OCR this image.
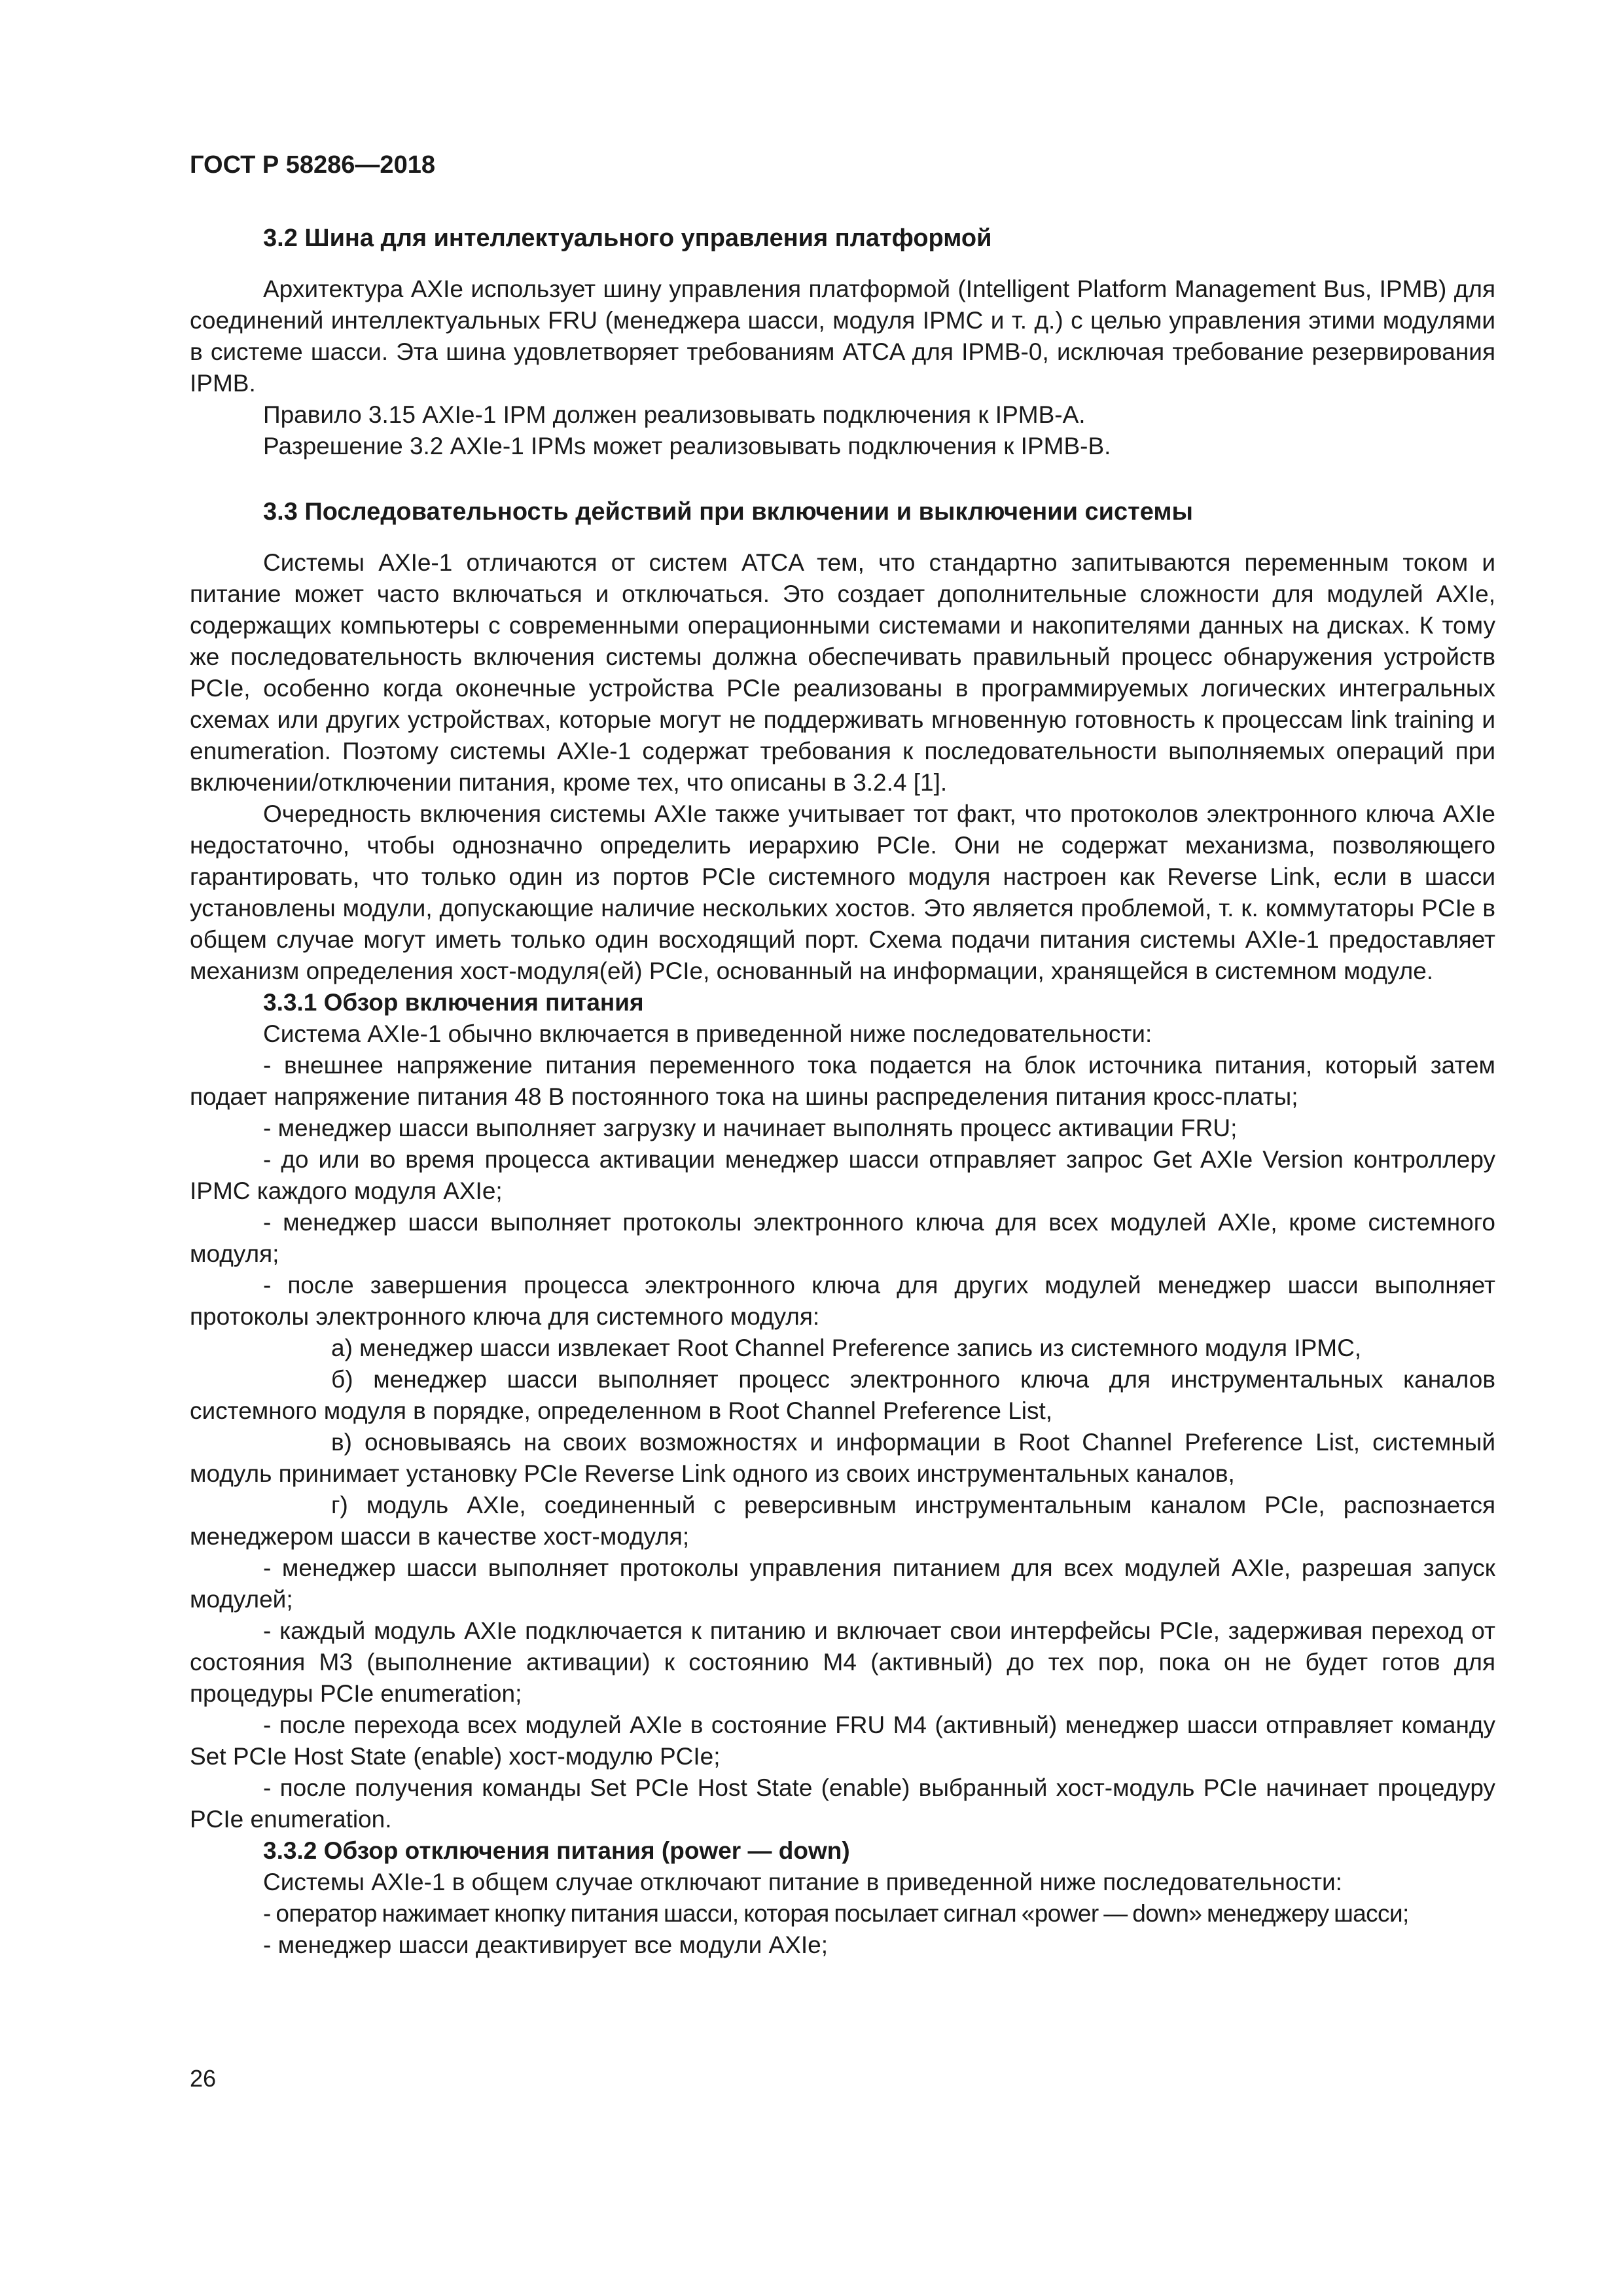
ГОСТ Р 58286—2018
3.2 Шина для интеллектуального управления платформой

Архитектура AXIe использует шину управления платформой (Intelligent Platform Management Bus, IPMB) для соединений интеллектуальных FRU (менеджера шасси, модуля IPMC и т. д.) с целью управления этими модулями в системе шасси. Эта шина удовлетворяет требованиям ATCA для IPMB-0, исключая требование резервирования IPMB.

Правило 3.15 AXIe-1 IPM должен реализовывать подключения к IPMB-A.

Разрешение 3.2 AXIe-1 IPMs может реализовывать подключения к IPMB-B.

3.3 Последовательность действий при включении и выключении системы

Системы AXIe-1 отличаются от систем ATCA тем, что стандартно запитываются переменным током и питание может часто включаться и отключаться. Это создает дополнительные сложности для модулей AXIe, содержащих компьютеры с современными операционными системами и накопителями данных на дисках. К тому же последовательность включения системы должна обеспечивать правильный процесс обнаружения устройств PCIe, особенно когда оконечные устройства PCIe реализованы в программируемых логических интегральных схемах или других устройствах, которые могут не поддерживать мгновенную готовность к процессам link training и enumeration. Поэтому системы AXIe-1 содержат требования к последовательности выполняемых операций при включении/отключении питания, кроме тех, что описаны в 3.2.4 [1].

Очередность включения системы AXIe также учитывает тот факт, что протоколов электронного ключа AXIe недостаточно, чтобы однозначно определить иерархию PCIe. Они не содержат механизма, позволяющего гарантировать, что только один из портов PCIe системного модуля настроен как Reverse Link, если в шасси установлены модули, допускающие наличие нескольких хостов. Это является проблемой, т. к. коммутаторы PCIe в общем случае могут иметь только один восходящий порт. Схема подачи питания системы AXIe-1 предоставляет механизм определения хост-модуля(ей) PCIe, основанный на информации, хранящейся в системном модуле.

3.3.1 Обзор включения питания

Система AXIe-1 обычно включается в приведенной ниже последовательности:

- внешнее напряжение питания переменного тока подается на блок источника питания, который затем подает напряжение питания 48 В постоянного тока на шины распределения питания кросс-платы;

- менеджер шасси выполняет загрузку и начинает выполнять процесс активации FRU;

- до или во время процесса активации менеджер шасси отправляет запрос Get AXIe Version контроллеру IPMC каждого модуля AXIe;

- менеджер шасси выполняет протоколы электронного ключа для всех модулей AXIe, кроме системного модуля;

- после завершения процесса электронного ключа для других модулей менеджер шасси выполняет протоколы электронного ключа для системного модуля:

а) менеджер шасси извлекает Root Channel Preference запись из системного модуля IPMC,

б) менеджер шасси выполняет процесс электронного ключа для инструментальных каналов системного модуля в порядке, определенном в Root Channel Preference List,

в) основываясь на своих возможностях и информации в Root Channel Preference List, системный модуль принимает установку PCIe Reverse Link одного из своих инструментальных каналов,

г) модуль AXIe, соединенный с реверсивным инструментальным каналом PCIe, распознается менеджером шасси в качестве хост-модуля;

- менеджер шасси выполняет протоколы управления питанием для всех модулей AXIe, разрешая запуск модулей;

- каждый модуль AXIe подключается к питанию и включает свои интерфейсы PCIe, задерживая переход от состояния M3 (выполнение активации) к состоянию M4 (активный) до тех пор, пока он не будет готов для процедуры PCIe enumeration;

- после перехода всех модулей AXIe в состояние FRU M4 (активный) менеджер шасси отправляет команду Set PCIe Host State (enable) хост-модулю PCIe;

- после получения команды Set PCIe Host State (enable) выбранный хост-модуль PCIe начинает процедуру PCIe enumeration.

3.3.2 Обзор отключения питания (power — down)

Системы AXIe-1 в общем случае отключают питание в приведенной ниже последовательности:

- оператор нажимает кнопку питания шасси, которая посылает сигнал «power — down» менеджеру шасси;

- менеджер шасси деактивирует все модули AXIe;

26
